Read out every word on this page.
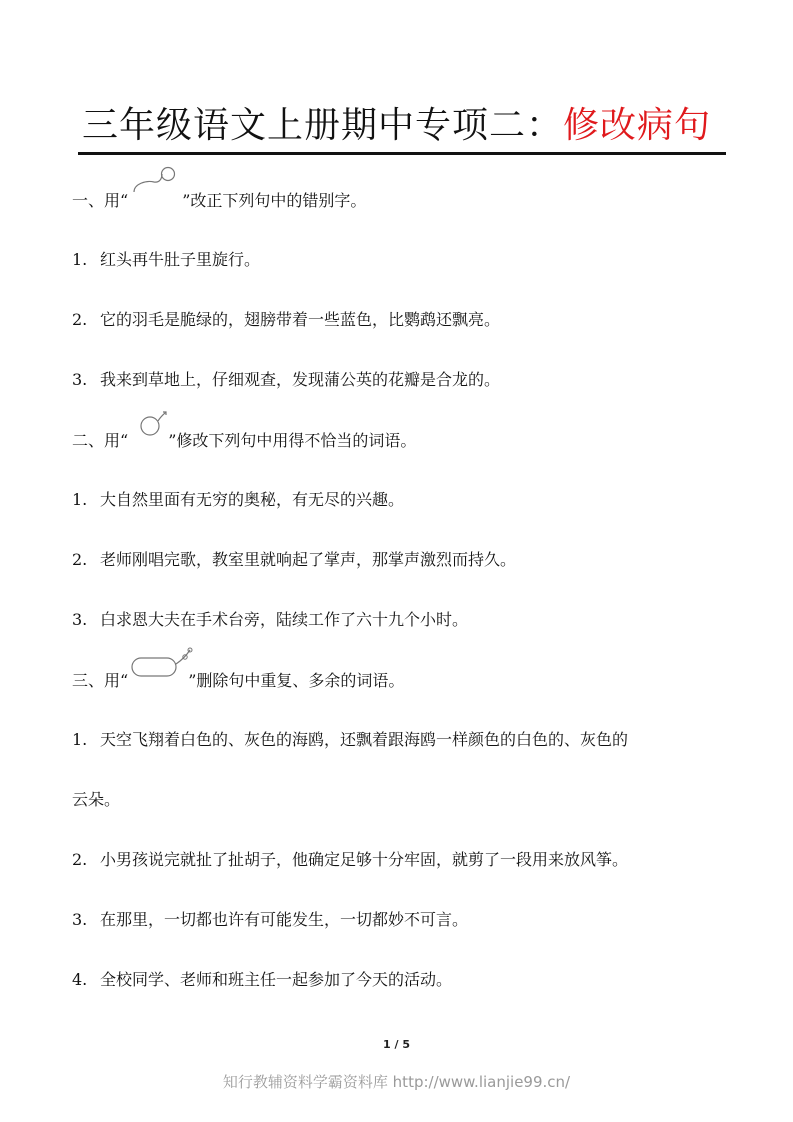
三年级语文上册期中专项二：修改病句
一、用“	”改正下列句中的错别字。
1. 红头再牛肚子里旋行。
2. 它的羽毛是脆绿的，翅膀带着一些蓝色，比鹦鹉还飘亮。
3. 我来到草地上，仔细观查，发现蒲公英的花瓣是合龙的。
二、用“	”修改下列句中用得不恰当的词语。
1. 大自然里面有无穷的奥秘，有无尽的兴趣。
2. 老师刚唱完歌，教室里就响起了掌声，那掌声激烈而持久。
3. 白求恩大夫在手术台旁，陆续工作了六十九个小时。
三、用“	”删除句中重复、多余的词语。
1. 天空飞翔着白色的、灰色的海鸥，还飘着跟海鸥一样颜色的白色的、灰色的
云朵。
2. 小男孩说完就扯了扯胡子，他确定足够十分牢固，就剪了一段用来放风筝。
3. 在那里，一切都也许有可能发生，一切都妙不可言。
4. 全校同学、老师和班主任一起参加了今天的活动。
1 / 5
知行教辅资料学霸资料库 http://www.lianjie99.cn/
